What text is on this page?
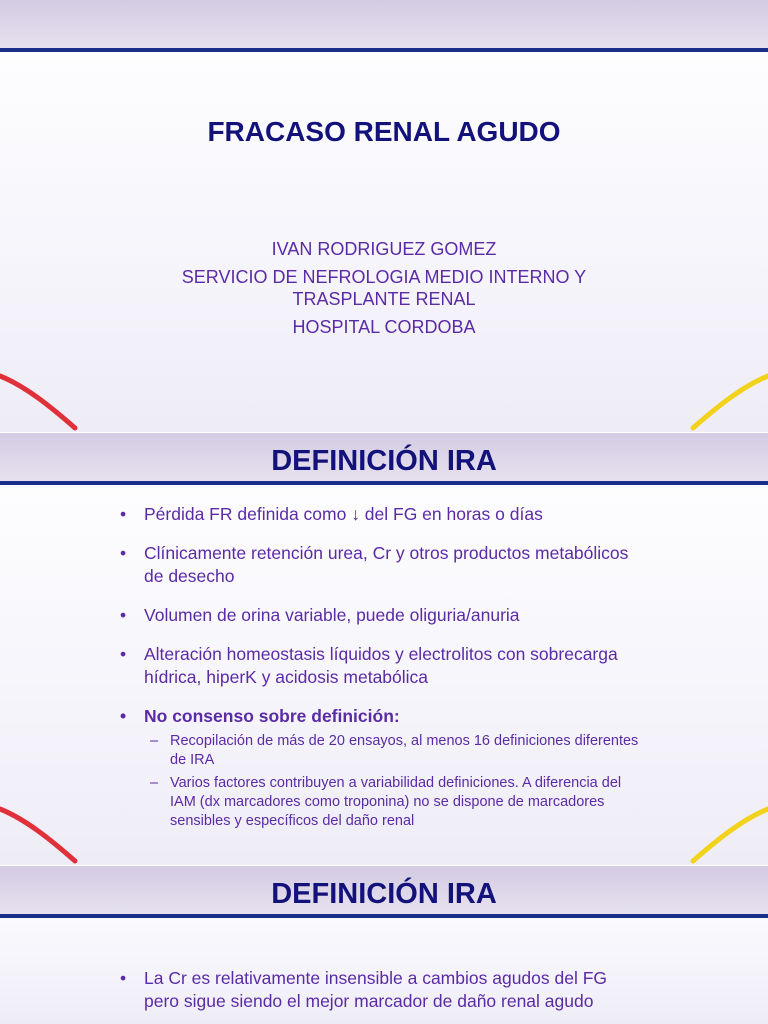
FRACASO RENAL AGUDO
IVAN RODRIGUEZ GOMEZ
SERVICIO DE NEFROLOGIA MEDIO INTERNO Y TRASPLANTE RENAL
HOSPITAL CORDOBA
DEFINICIÓN IRA
• Pérdida FR definida como ↓ del FG en horas o días
• Clínicamente retención urea, Cr y otros productos metabólicos de desecho
• Volumen de orina variable, puede oliguria/anuria
• Alteración homeostasis líquidos y electrolitos con sobrecarga hídrica, hiperK y acidosis metabólica
• No consenso sobre definición:
– Recopilación de más de 20 ensayos, al menos 16 definiciones diferentes de IRA
– Varios factores contribuyen a variabilidad definiciones. A diferencia del IAM (dx marcadores como troponina) no se dispone de marcadores sensibles y específicos del daño renal
DEFINICIÓN IRA
• La Cr es relativamente insensible a cambios agudos del FG pero sigue siendo el mejor marcador de daño renal agudo
